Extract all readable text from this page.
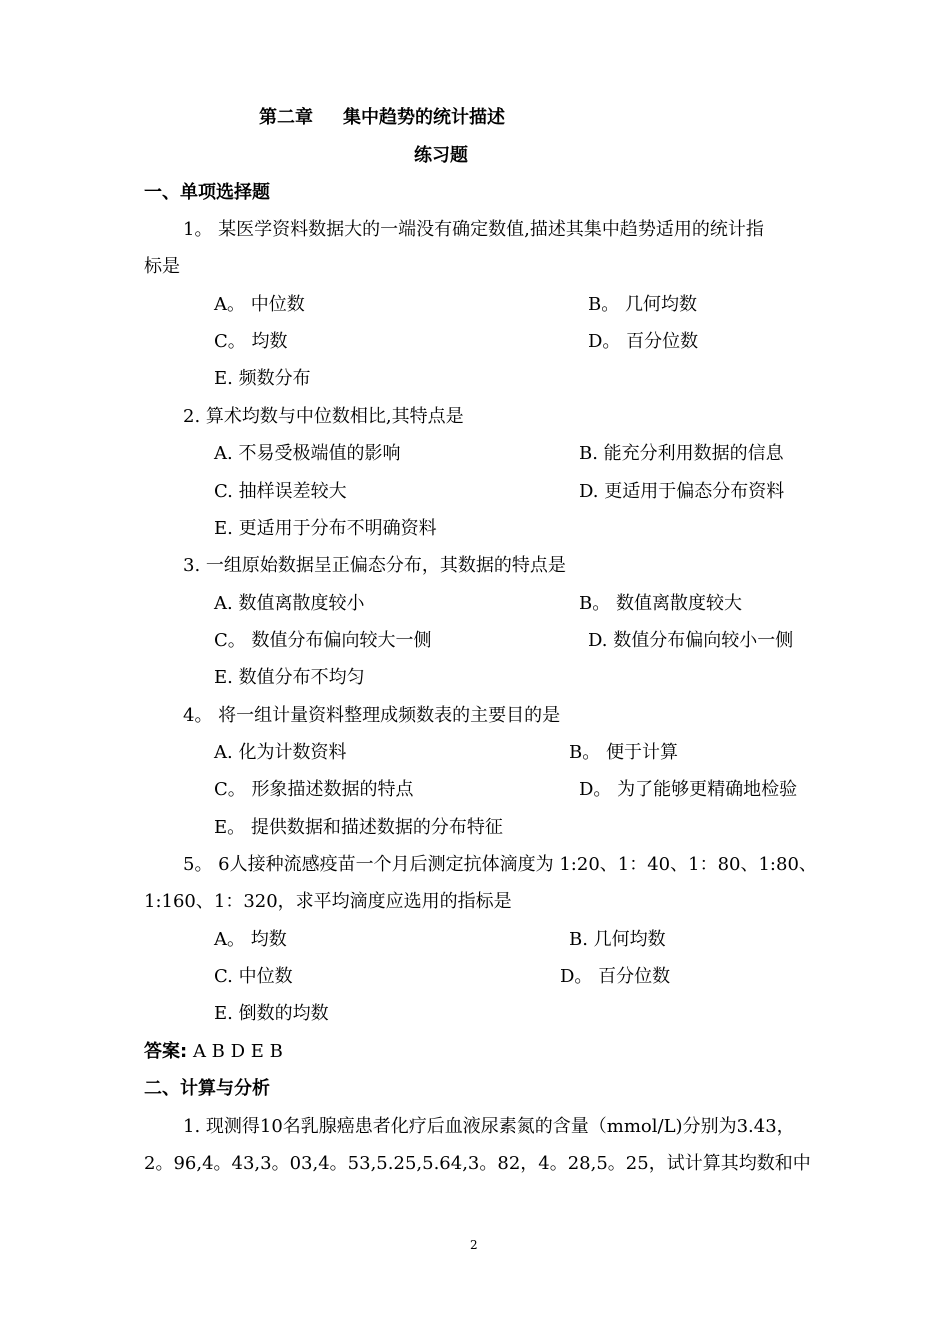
第二章 集中趋势的统计描述
练习题
一、单项选择题
1。 某医学资料数据大的一端没有确定数值,描述其集中趋势适用的统计指
标是
A。 中位数	B。 几何均数
C。 均数	D。 百分位数
E. 频数分布
2. 算术均数与中位数相比,其特点是
A. 不易受极端值的影响	B. 能充分利用数据的信息
C. 抽样误差较大	D. 更适用于偏态分布资料
E. 更适用于分布不明确资料
3. 一组原始数据呈正偏态分布，其数据的特点是
A. 数值离散度较小	B。 数值离散度较大
C。 数值分布偏向较大一侧	D. 数值分布偏向较小一侧
E. 数值分布不均匀
4。 将一组计量资料整理成频数表的主要目的是
A. 化为计数资料	B。 便于计算
C。 形象描述数据的特点	D。 为了能够更精确地检验
E。 提供数据和描述数据的分布特征
5。 6人接种流感疫苗一个月后测定抗体滴度为 1:20、1：40、1：80、1:80、
1:160、1：320，求平均滴度应选用的指标是
A。 均数	B. 几何均数
C. 中位数	D。 百分位数
E. 倒数的均数
答案: A B D E B
二、计算与分析
1. 现测得10名乳腺癌患者化疗后血液尿素氮的含量（mmol/L)分别为3.43，
2。96,4。43,3。03,4。53,5.25,5.64,3。82，4。28,5。25，试计算其均数和中
2
